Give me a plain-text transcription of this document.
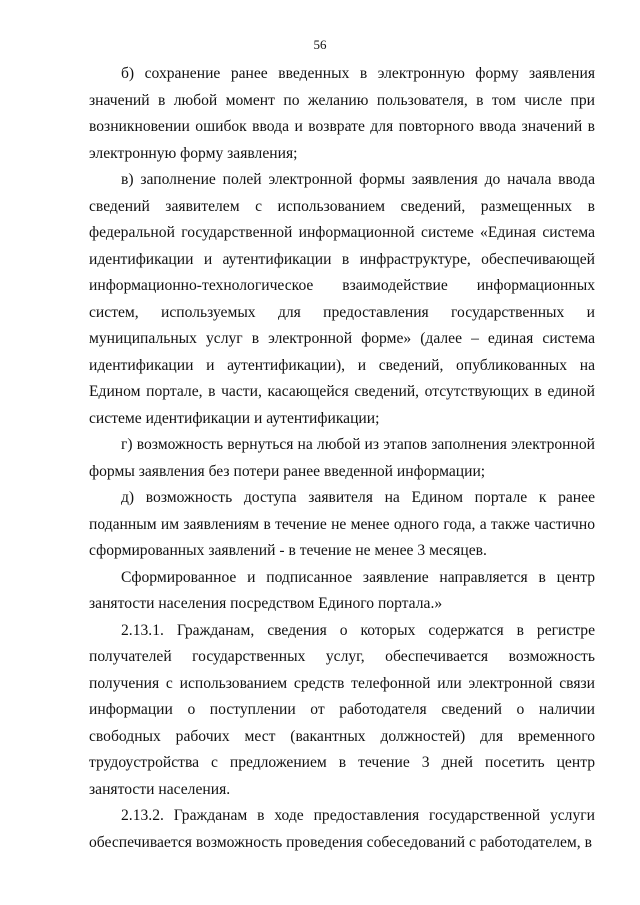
56

б) сохранение ранее введенных в электронную форму заявления значений в любой момент по желанию пользователя, в том числе при возникновении ошибок ввода и возврате для повторного ввода значений в электронную форму заявления;

в) заполнение полей электронной формы заявления до начала ввода сведений заявителем с использованием сведений, размещенных в федеральной государственной информационной системе «Единая система идентификации и аутентификации в инфраструктуре, обеспечивающей информационно-технологическое взаимодействие информационных систем, используемых для предоставления государственных и муниципальных услуг в электронной форме» (далее – единая система идентификации и аутентификации), и сведений, опубликованных на Едином портале, в части, касающейся сведений, отсутствующих в единой системе идентификации и аутентификации;

г) возможность вернуться на любой из этапов заполнения электронной формы заявления без потери ранее введенной информации;

д) возможность доступа заявителя на Едином портале к ранее поданным им заявлениям в течение не менее одного года, а также частично сформированных заявлений - в течение не менее 3 месяцев.

Сформированное и подписанное заявление направляется в центр занятости населения посредством Единого портала.»

2.13.1. Гражданам, сведения о которых содержатся в регистре получателей государственных услуг, обеспечивается возможность получения с использованием средств телефонной или электронной связи информации о поступлении от работодателя сведений о наличии свободных рабочих мест (вакантных должностей) для временного трудоустройства с предложением в течение 3 дней посетить центр занятости населения.

2.13.2. Гражданам в ходе предоставления государственной услуги обеспечивается возможность проведения собеседований с работодателем, в
